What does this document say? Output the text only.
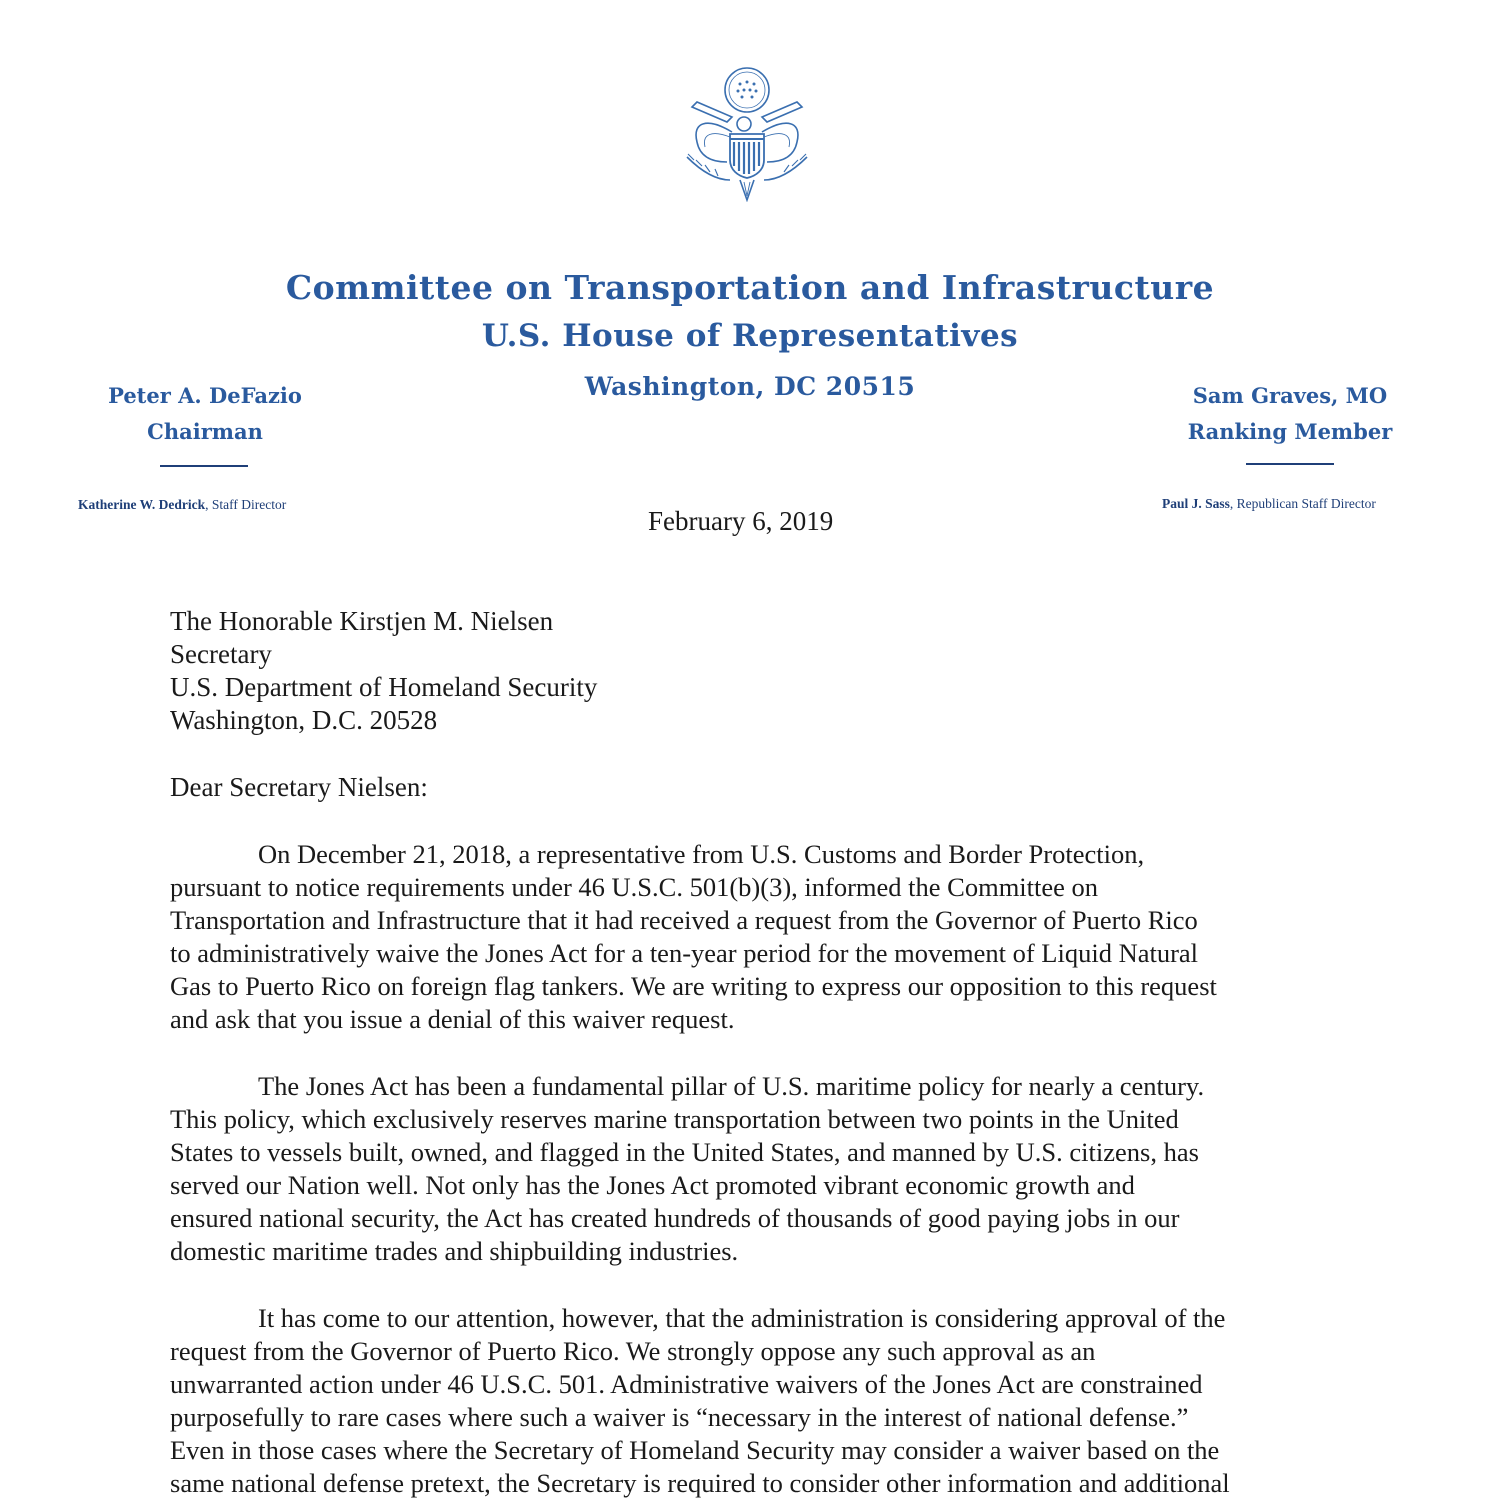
Committee on Transportation and Infrastructure
U.S. House of Representatives
Washington, DC 20515
Peter A. DeFazio
Chairman
Katherine W. Dedrick, Staff Director
Sam Graves, MO
Ranking Member
Paul J. Sass, Republican Staff Director
February 6, 2019
The Honorable Kirstjen M. Nielsen
Secretary
U.S. Department of Homeland Security
Washington, D.C. 20528
Dear Secretary Nielsen:
On December 21, 2018, a representative from U.S. Customs and Border Protection,
pursuant to notice requirements under 46 U.S.C. 501(b)(3), informed the Committee on
Transportation and Infrastructure that it had received a request from the Governor of Puerto Rico
to administratively waive the Jones Act for a ten-year period for the movement of Liquid Natural
Gas to Puerto Rico on foreign flag tankers. We are writing to express our opposition to this request
and ask that you issue a denial of this waiver request.
The Jones Act has been a fundamental pillar of U.S. maritime policy for nearly a century.
This policy, which exclusively reserves marine transportation between two points in the United
States to vessels built, owned, and flagged in the United States, and manned by U.S. citizens, has
served our Nation well. Not only has the Jones Act promoted vibrant economic growth and
ensured national security, the Act has created hundreds of thousands of good paying jobs in our
domestic maritime trades and shipbuilding industries.
It has come to our attention, however, that the administration is considering approval of the
request from the Governor of Puerto Rico. We strongly oppose any such approval as an
unwarranted action under 46 U.S.C. 501. Administrative waivers of the Jones Act are constrained
purposefully to rare cases where such a waiver is “necessary in the interest of national defense.”
Even in those cases where the Secretary of Homeland Security may consider a waiver based on the
same national defense pretext, the Secretary is required to consider other information and additional
